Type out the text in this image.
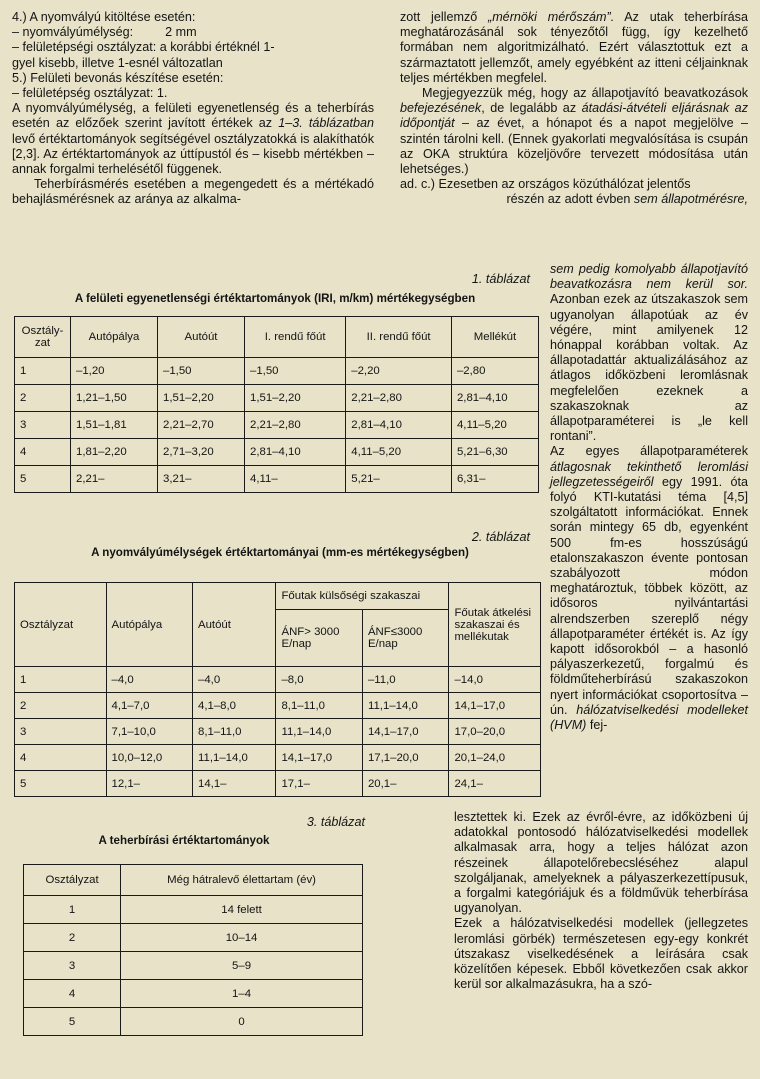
4.) A nyomvályú kitöltése esetén:

– nyomvályúmélység:	2 mm

– felületépségi osztályzat: a korábbi értéknél 1-

gyel kisebb, illetve 1-esnél változatlan

5.) Felületi bevonás készítése esetén:

– felületépség osztályzat: 1.

A nyomvályúmélység, a felületi egyenetlenség és a teherbírás esetén az előzőek szerint javított értékek az 1–3. táblázatban levő értéktartományok segítségével osztályzatokká is alakíthatók [2,3]. Az értéktartományok az úttípustól és – kisebb mértékben – annak forgalmi terhelésétől függenek.

Teherbírásmérés esetében a megengedett és a mértékadó behajlásmérésnek az aránya az alkalma-

zott jellemző „mérnöki mérőszám”. Az utak teherbírása meghatározásánál sok tényezőtől függ, így kezelhető formában nem algoritmizálható. Ezért választottuk ezt a származtatott jellemzőt, amely egyébként az itteni céljainknak teljes mértékben megfelel.

Megjegyezzük még, hogy az állapotjavító beavatkozások befejezésének, de legalább az átadási-átvételi eljárásnak az időpontját – az évet, a hónapot és a napot megjelölve – szintén tárolni kell. (Ennek gyakorlati megvalósítása is csupán az OKA struktúra közeljövőre tervezett módosítása után lehetséges.)

ad. c.) Ezesetben az országos közúthálózat jelentős

részén az adott évben sem állapotmérésre,

sem pedig komolyabb állapotjavító beavatkozásra nem kerül sor. Azonban ezek az útszakaszok sem ugyanolyan állapotúak az év végére, mint amilyenek 12 hónappal korábban voltak. Az állapotadattár aktualizálásához az átlagos időközbeni leromlásnak megfelelően ezeknek a szakaszoknak az állapotparaméterei is „le kell rontani”.

Az egyes állapotparaméterek átlagosnak tekinthető leromlási jellegzetességeiről egy 1991. óta folyó KTI-kutatási téma [4,5] szolgáltatott információkat. Ennek során mintegy 65 db, egyenként 500 fm-es hosszúságú etalonszakaszon évente pontosan szabályozott módon meghatároztuk, többek között, az idősoros nyilvántartási alrendszerben szereplő négy állapotparaméter értékét is. Az így kapott idősorokból – a hasonló pályaszerkezetű, forgalmú és földműteherbírású szakaszokon nyert információkat csoportosítva – ún. hálózatviselkedési modelleket (HVM) fej-

lesztettek ki. Ezek az évről-évre, az időközbeni új adatokkal pontosodó hálózatviselkedési modellek alkalmasak arra, hogy a teljes hálózat azon részeinek állapotelőrebecsléséhez alapul szolgáljanak, amelyeknek a pályaszerkezettípusuk, a forgalmi kategóriájuk és a földművük teherbírása ugyanolyan.

Ezek a hálózatviselkedési modellek (jellegzetes leromlási görbék) természetesen egy-egy konkrét útszakasz viselkedésének a leírására csak közelítően képesek. Ebből következően csak akkor kerül sor alkalmazásukra, ha a szó-

1. táblázat
A felületi egyenetlenségi értéktartományok (IRI, m/km) mértékegységben
Osztály-
zat	Autópálya	Autóút	I. rendű főút	II. rendű főút	Mellékút
1	–1,20	–1,50	–1,50	–2,20	–2,80
2	1,21–1,50	1,51–2,20	1,51–2,20	2,21–2,80	2,81–4,10
3	1,51–1,81	2,21–2,70	2,21–2,80	2,81–4,10	4,11–5,20
4	1,81–2,20	2,71–3,20	2,81–4,10	4,11–5,20	5,21–6,30
5	2,21–	3,21–	4,11–	5,21–	6,31–
2. táblázat
A nyomvályúmélységek értéktartományai (mm-es mértékegységben)
Osztályzat	Autópálya	Autóút	Főutak külsőségi szakaszai		Főutak átkelési szakaszai és mellékutak
			ÁNF> 3000 E/nap	ÁNF≤3000 E/nap	
1	–4,0	–4,0	–8,0	–11,0	–14,0
2	4,1–7,0	4,1–8,0	8,1–11,0	11,1–14,0	14,1–17,0
3	7,1–10,0	8,1–11,0	11,1–14,0	14,1–17,0	17,0–20,0
4	10,0–12,0	11,1–14,0	14,1–17,0	17,1–20,0	20,1–24,0
5	12,1–	14,1–	17,1–	20,1–	24,1–
3. táblázat
A teherbírási értéktartományok
Osztályzat	Még hátralevő élettartam (év)
1	14 felett
2	10–14
3	5–9
4	1–4
5	0
